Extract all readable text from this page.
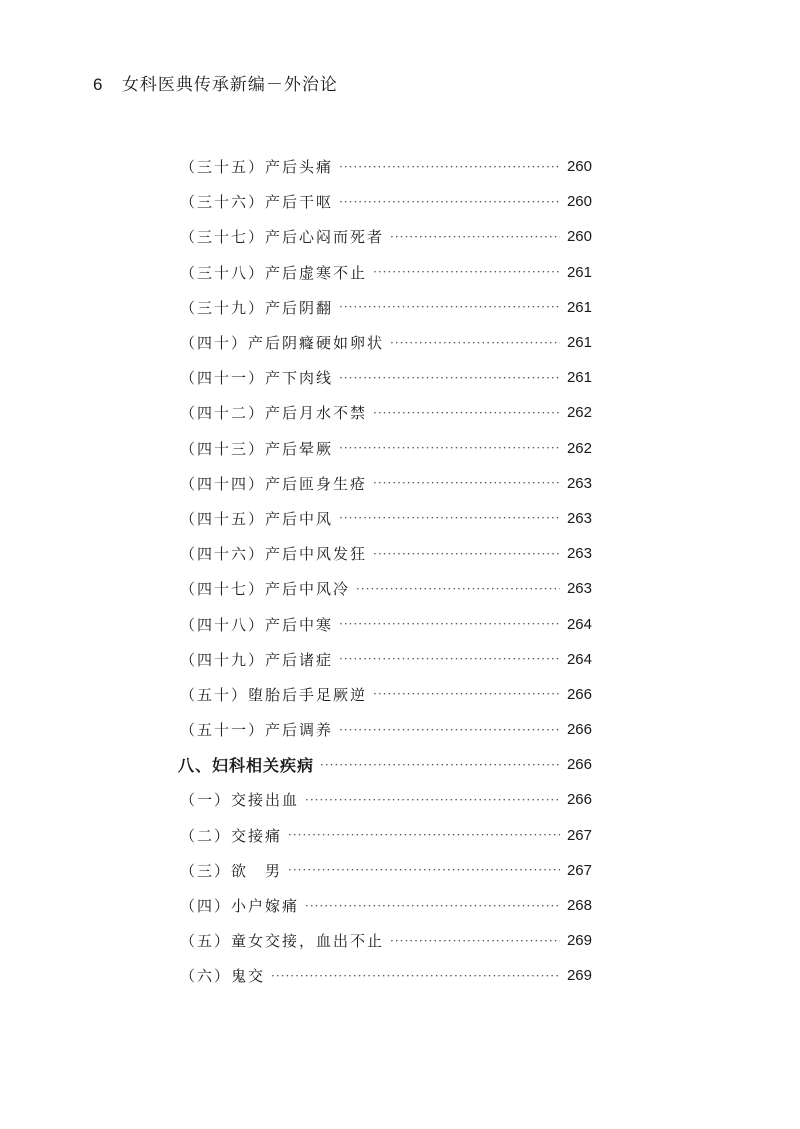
6 女科医典传承新编－外治论
（三十五）产后头痛 ·····	260
（三十六）产后干呕 ·····	260
（三十七）产后心闷而死者 ·····	260
（三十八）产后虚寒不止 ·····	261
（三十九）产后阴翻 ·····	261
（四十）产后阴癃硬如卵状 ·····	261
（四十一）产下肉线 ·····	261
（四十二）产后月水不禁 ·····	262
（四十三）产后晕厥 ·····	262
（四十四）产后匝身生疮 ·····	263
（四十五）产后中风 ·····	263
（四十六）产后中风发狂 ·····	263
（四十七）产后中风冷 ·····	263
（四十八）产后中寒 ·····	264
（四十九）产后诸症 ·····	264
（五十）堕胎后手足厥逆 ·····	266
（五十一）产后调养 ·····	266
八、妇科相关疾病 ·····	266
（一）交接出血 ·····	266
（二）交接痛 ·····	267
（三）欲　男 ·····	267
（四）小户嫁痛 ·····	268
（五）童女交接，血出不止 ·····	269
（六）鬼交 ·····	269
